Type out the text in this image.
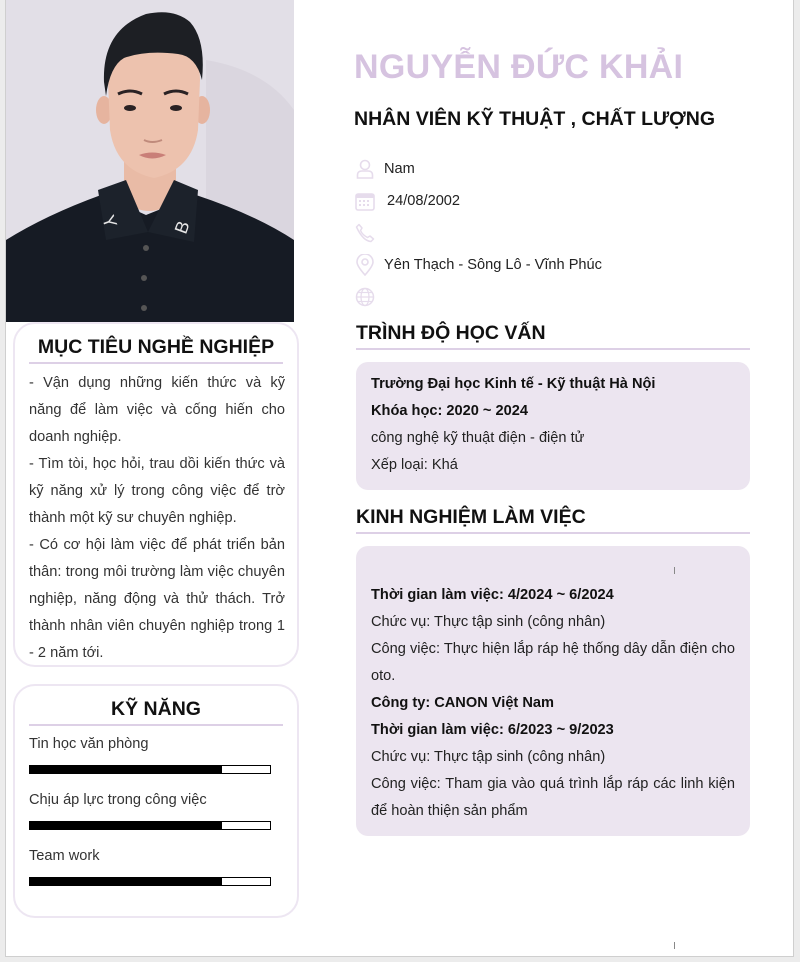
Y	B
MỤC TIÊU NGHỀ NGHIỆP

- Vận dụng những kiến thức và kỹ năng để làm việc và cống hiến cho doanh nghiệp.

- Tìm tòi, học hỏi, trau dồi kiến thức và kỹ năng xử lý trong công việc để trờ thành một kỹ sư chuyên nghiệp.

- Có cơ hội làm việc để phát triển bản thân: trong môi trường làm việc chuyên nghiệp, năng động và thử thách. Trở thành nhân viên chuyên nghiệp trong 1 - 2 năm tới.

KỸ NĂNG
Tin học văn phòng
Chịu áp lực trong công việc
Team work
NGUYỄN ĐỨC KHẢI
NHÂN VIÊN KỸ THUẬT , CHẤT LƯỢNG
Nam
24/08/2002
Yên Thạch - Sông Lô - Vĩnh Phúc
TRÌNH ĐỘ HỌC VẤN
Trường Đại học Kinh tế - Kỹ thuật Hà Nội
Khóa học: 2020 ~ 2024
công nghệ kỹ thuật điện - điện tử
Xếp loại: Khá
KINH NGHIỆM LÀM VIỆC
Thời gian làm việc: 4/2024 ~ 6/2024
Chức vụ: Thực tập sinh (công nhân)
Công việc: Thực hiện lắp ráp hệ thống dây dẫn điện cho oto.
Công ty: CANON Việt Nam
Thời gian làm việc: 6/2023 ~ 9/2023
Chức vụ: Thực tập sinh (công nhân)
Công việc: Tham gia vào quá trình lắp ráp các linh kiện để hoàn thiện sản phẩm
